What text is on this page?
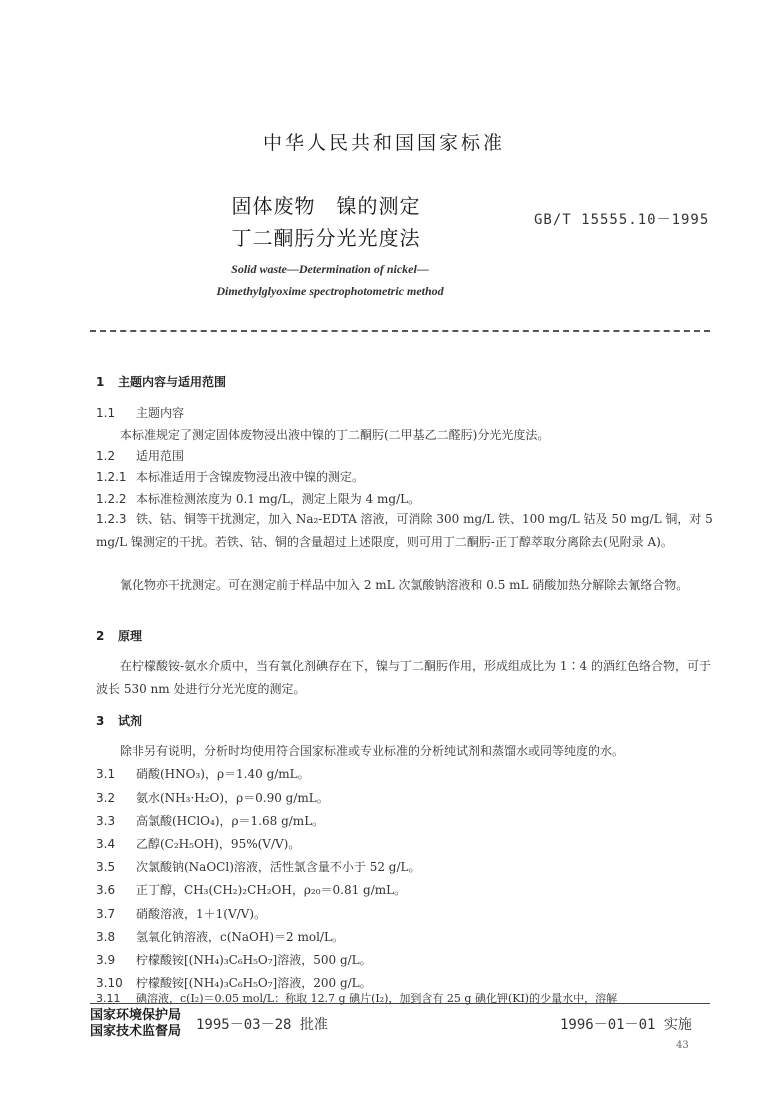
中华人民共和国国家标准
固体废物　镍的测定
丁二酮肟分光光度法
GB/T 15555.10－1995
Solid waste—Determination of nickel—
Dimethylglyoxime spectrophotometric method
1 主题内容与适用范围
1.1 主题内容
本标准规定了测定固体废物浸出液中镍的丁二酮肟(二甲基乙二醛肟)分光光度法。
1.2 适用范围
1.2.1 本标准适用于含镍废物浸出液中镍的测定。
1.2.2 本标准检测浓度为 0.1 mg/L，测定上限为 4 mg/L。
1.2.3 铁、钴、铜等干扰测定，加入 Na₂-EDTA 溶液，可消除 300 mg/L 铁、100 mg/L 钴及 50 mg/L 铜，对 5 mg/L 镍测定的干扰。若铁、钴、铜的含量超过上述限度，则可用丁二酮肟-正丁醇萃取分离除去(见附录 A)。
氰化物亦干扰测定。可在测定前于样品中加入 2 mL 次氯酸钠溶液和 0.5 mL 硝酸加热分解除去氰络合物。
2 原理
在柠檬酸铵-氨水介质中，当有氧化剂碘存在下，镍与丁二酮肟作用，形成组成比为 1∶4 的酒红色络合物，可于波长 530 nm 处进行分光光度的测定。
3 试剂
除非另有说明，分析时均使用符合国家标准或专业标准的分析纯试剂和蒸馏水或同等纯度的水。
3.1 硝酸(HNO₃)，ρ＝1.40 g/mL。
3.2 氨水(NH₃·H₂O)，ρ＝0.90 g/mL。
3.3 高氯酸(HClO₄)，ρ＝1.68 g/mL。
3.4 乙醇(C₂H₅OH)，95%(V/V)。
3.5 次氯酸钠(NaOCl)溶液，活性氯含量不小于 52 g/L。
3.6 正丁醇，CH₃(CH₂)₂CH₂OH，ρ₂₀＝0.81 g/mL。
3.7 硝酸溶液，1＋1(V/V)。
3.8 氢氧化钠溶液，c(NaOH)＝2 mol/L。
3.9 柠檬酸铵[(NH₄)₃C₆H₅O₇]溶液，500 g/L。
3.10 柠檬酸铵[(NH₄)₃C₆H₅O₇]溶液，200 g/L。
3.11 碘溶液，c(I₂)＝0.05 mol/L：称取 12.7 g 碘片(I₂)，加到含有 25 g 碘化钾(KI)的少量水中，溶解
国家环境保护局
国家技术监督局 1995－03－28 批准	1996－01－01 实施
43
